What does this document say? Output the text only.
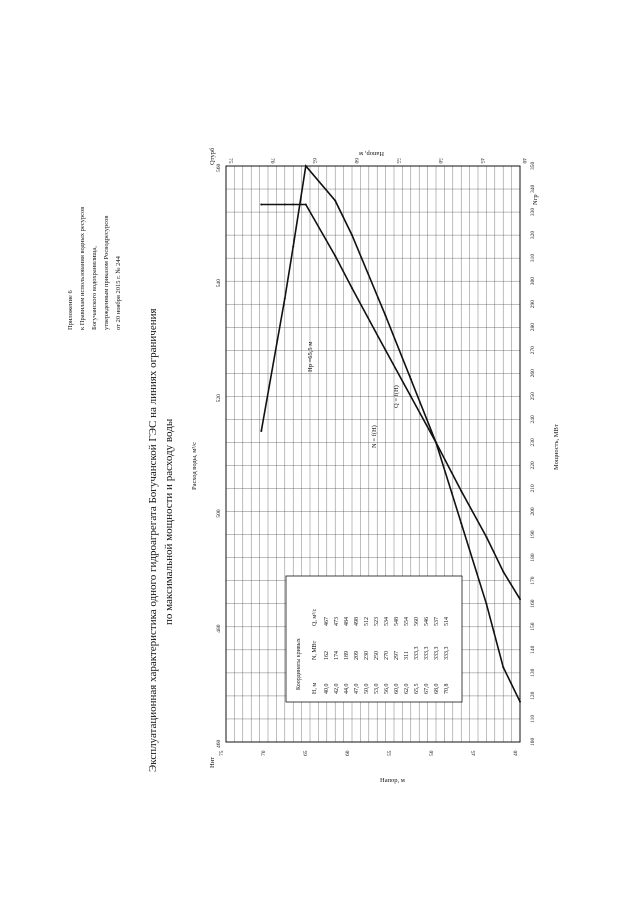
Приложение 6 к Правилам использования водных ресурсов Богучанского водохранилища, утвержденным приказом Росводресурсов от 20 ноября 2015 г. № 244
Эксплуатационная характеристика одного гидроагрегата Богучанской ГЭС на линиях ограничения по максимальной мощности и расходу воды Расход воды, м³/с
Qтурб
Мощность, МВт
Nгр
Напор, м
Напор, м
Hнт
40
40
45
45
50
50
55
55
60
60
65
65
70
70
75
75
100
110
120
130
140
150
160
170
180
190
200
210
220
230
240
250
260
270
280
290
300
310
320
330
340
350
460
480
500
520
540
560
Hр =65,5 м
N = f(H)
Q = f(H)
Координаты кривых H, м
N, МВт
Q, м³/с
40,0
162
467
42,0
174
473
44,0
189
484
47,0
209
498
50,0
230
512
53,0
250
523
56,0
270
534
60,0
297
548
62,0
311
554
65,5
333,3
560
67,0
333,3
546
68,0
333,3
537
70,8
333,3
514
